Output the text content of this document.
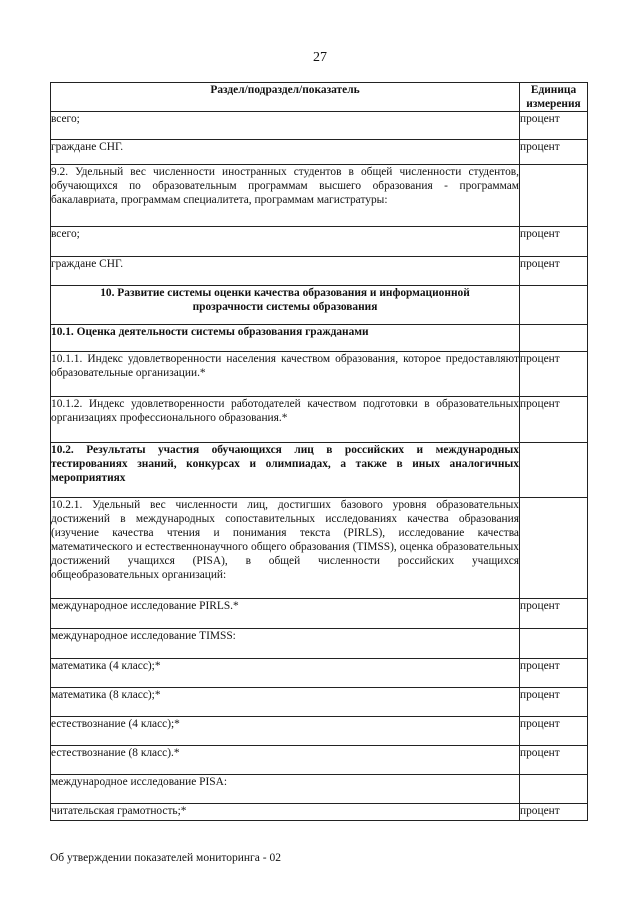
27
Раздел/подраздел/показатель	Единица измерения
всего;	процент
граждане СНГ.	процент
9.2. Удельный вес численности иностранных студентов в общей численности студентов, обучающихся по образовательным программам высшего образования - программам бакалавриата, программам специалитета, программам магистратуры:	
всего;	процент
граждане СНГ.	процент
10. Развитие системы оценки качества образования и информационной прозрачности системы образования	
10.1. Оценка деятельности системы образования гражданами	
10.1.1. Индекс удовлетворенности населения качеством образования, которое предоставляют образовательные организации.*	процент
10.1.2. Индекс удовлетворенности работодателей качеством подготовки в образовательных организациях профессионального образования.*	процент
10.2. Результаты участия обучающихся лиц в российских и международных тестированиях знаний, конкурсах и олимпиадах, а также в иных аналогичных мероприятиях	
10.2.1. Удельный вес численности лиц, достигших базового уровня образовательных достижений в международных сопоставительных исследованиях качества образования (изучение качества чтения и понимания текста (PIRLS), исследование качества математического и естественнонаучного общего образования (TIMSS), оценка образовательных достижений учащихся (PISA), в общей численности российских учащихся общеобразовательных организаций:	
международное исследование PIRLS.*	процент
международное исследование TIMSS:	
математика (4 класс);*	процент
математика (8 класс);*	процент
естествознание (4 класс);*	процент
естествознание (8 класс).*	процент
международное исследование PISA:	
читательская грамотность;*	процент
Об утверждении показателей мониторинга - 02
